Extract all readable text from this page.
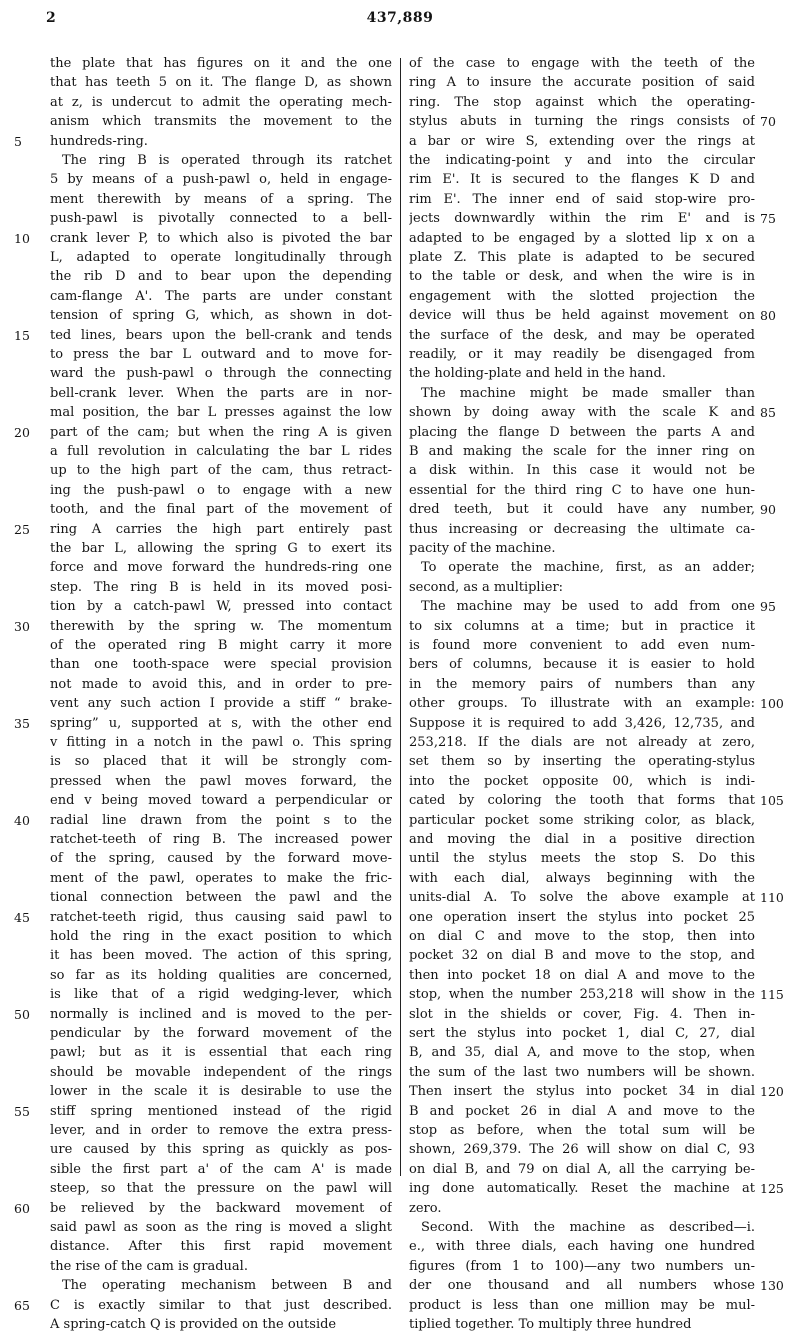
2	437,889
the plate that has figures on it and the one
that has teeth 5 on it. The flange D, as shown
at z, is undercut to admit the operating mech-
anism which transmits the movement to the
hundreds-ring.
The ring B is operated through its ratchet
5 by means of a push-pawl o, held in engage-
ment therewith by means of a spring. The
push-pawl is pivotally connected to a bell-
crank lever P, to which also is pivoted the bar
L, adapted to operate longitudinally through
the rib D and to bear upon the depending
cam-flange A'. The parts are under constant
tension of spring G, which, as shown in dot-
ted lines, bears upon the bell-crank and tends
to press the bar L outward and to move for-
ward the push-pawl o through the connecting
bell-crank lever. When the parts are in nor-
mal position, the bar L presses against the low
part of the cam; but when the ring A is given
a full revolution in calculating the bar L rides
up to the high part of the cam, thus retract-
ing the push-pawl o to engage with a new
tooth, and the final part of the movement of
ring A carries the high part entirely past
the bar L, allowing the spring G to exert its
force and move forward the hundreds-ring one
step. The ring B is held in its moved posi-
tion by a catch-pawl W, pressed into contact
therewith by the spring w. The momentum
of the operated ring B might carry it more
than one tooth-space were special provision
not made to avoid this, and in order to pre-
vent any such action I provide a stiff “ brake-
spring” u, supported at s, with the other end
v fitting in a notch in the pawl o. This spring
is so placed that it will be strongly com-
pressed when the pawl moves forward, the
end v being moved toward a perpendicular or
radial line drawn from the point s to the
ratchet-teeth of ring B. The increased power
of the spring, caused by the forward move-
ment of the pawl, operates to make the fric-
tional connection between the pawl and the
ratchet-teeth rigid, thus causing said pawl to
hold the ring in the exact position to which
it has been moved. The action of this spring,
so far as its holding qualities are concerned,
is like that of a rigid wedging-lever, which
normally is inclined and is moved to the per-
pendicular by the forward movement of the
pawl; but as it is essential that each ring
should be movable independent of the rings
lower in the scale it is desirable to use the
stiff spring mentioned instead of the rigid
lever, and in order to remove the extra press-
ure caused by this spring as quickly as pos-
sible the first part a' of the cam A' is made
steep, so that the pressure on the pawl will
be relieved by the backward movement of
said pawl as soon as the ring is moved a slight
distance. After this first rapid movement
the rise of the cam is gradual.
The operating mechanism between B and
C is exactly similar to that just described.
A spring-catch Q is provided on the outside
of the case to engage with the teeth of the
ring A to insure the accurate position of said
ring. The stop against which the operating-
stylus abuts in turning the rings consists of
a bar or wire S, extending over the rings at
the indicating-point y and into the circular
rim E'. It is secured to the flanges K D and
rim E'. The inner end of said stop-wire pro-
jects downwardly within the rim E' and is
adapted to be engaged by a slotted lip x on a
plate Z. This plate is adapted to be secured
to the table or desk, and when the wire is in
engagement with the slotted projection the
device will thus be held against movement on
the surface of the desk, and may be operated
readily, or it may readily be disengaged from
the holding-plate and held in the hand.
The machine might be made smaller than
shown by doing away with the scale K and
placing the flange D between the parts A and
B and making the scale for the inner ring on
a disk within. In this case it would not be
essential for the third ring C to have one hun-
dred teeth, but it could have any number,
thus increasing or decreasing the ultimate ca-
pacity of the machine.
To operate the machine, first, as an adder;
second, as a multiplier:
The machine may be used to add from one
to six columns at a time; but in practice it
is found more convenient to add even num-
bers of columns, because it is easier to hold
in the memory pairs of numbers than any
other groups. To illustrate with an example:
Suppose it is required to add 3,426, 12,735, and
253,218. If the dials are not already at zero,
set them so by inserting the operating-stylus
into the pocket opposite 00, which is indi-
cated by coloring the tooth that forms that
particular pocket some striking color, as black,
and moving the dial in a positive direction
until the stylus meets the stop S. Do this
with each dial, always beginning with the
units-dial A. To solve the above example at
one operation insert the stylus into pocket 25
on dial C and move to the stop, then into
pocket 32 on dial B and move to the stop, and
then into pocket 18 on dial A and move to the
stop, when the number 253,218 will show in the
slot in the shields or cover, Fig. 4. Then in-
sert the stylus into pocket 1, dial C, 27, dial
B, and 35, dial A, and move to the stop, when
the sum of the last two numbers will be shown.
Then insert the stylus into pocket 34 in dial
B and pocket 26 in dial A and move to the
stop as before, when the total sum will be
shown, 269,379. The 26 will show on dial C, 93
on dial B, and 79 on dial A, all the carrying be-
ing done automatically. Reset the machine at
zero.
Second. With the machine as described—i.
e., with three dials, each having one hundred
figures (from 1 to 100)—any two numbers un-
der one thousand and all numbers whose
product is less than one million may be mul-
tiplied together. To multiply three hundred
5
10
15
20
25
30
35
40
45
50
55
60
65
70
75
80
85
90
95
100
105
110
115
120
125
130
